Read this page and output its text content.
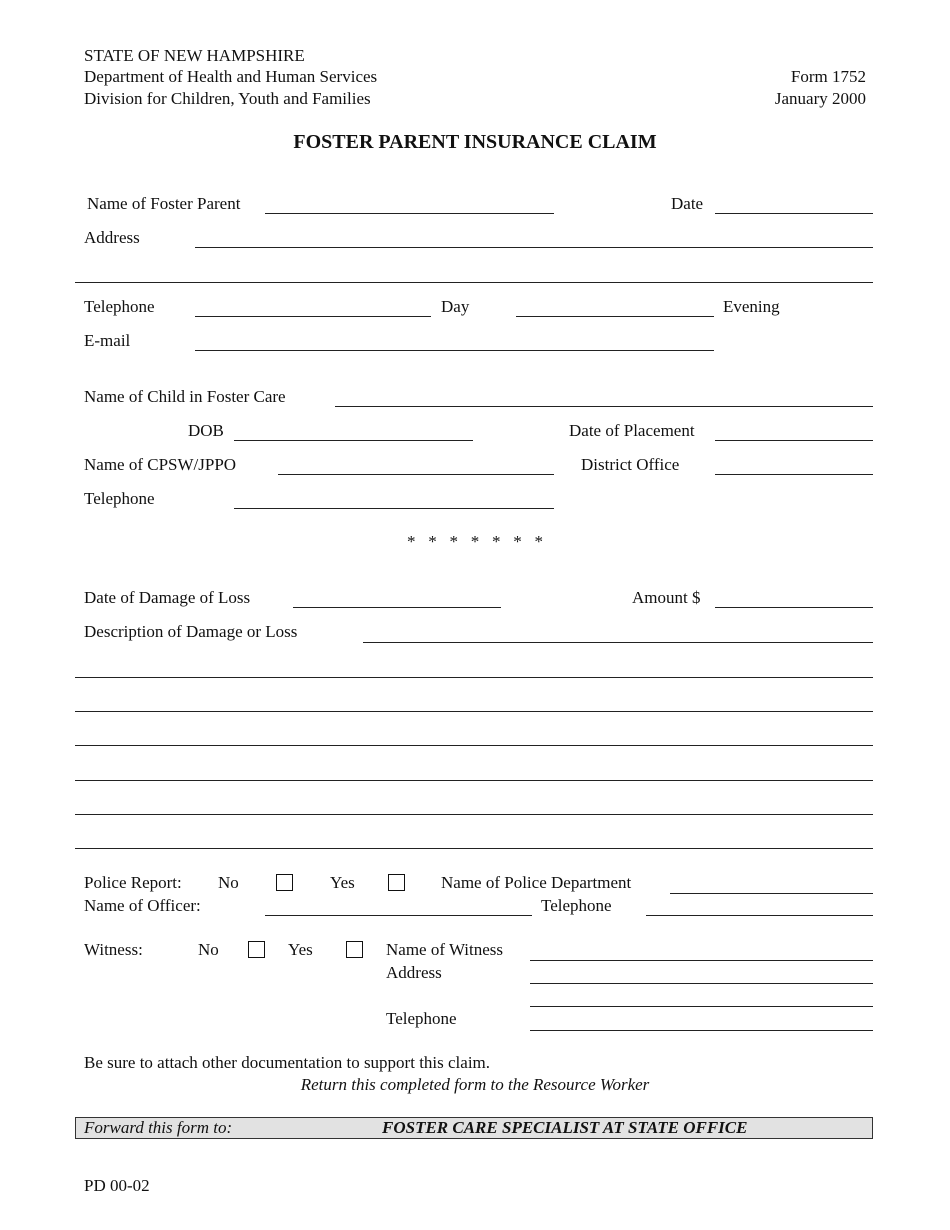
STATE OF NEW HAMPSHIRE
Department of Health and Human Services
Division for Children, Youth and Families
Form 1752
January 2000
FOSTER PARENT INSURANCE CLAIM
Name of Foster Parent	Date
Address
Telephone	Day	Evening
E-mail
Name of Child in Foster Care
DOB	Date of Placement
Name of CPSW/JPPO	District Office
Telephone
*   *   *   *   *   *   *
Date of Damage of Loss	Amount $
Description of Damage or Loss
Police Report: No	Yes	Name of Police Department
Name of Officer:	Telephone
Witness:	No	Yes	Name of Witness
Address
Telephone
Be sure to attach other documentation to support this claim.
Return this completed form to the Resource Worker
Forward this form to:	FOSTER CARE SPECIALIST AT STATE OFFICE
PD 00-02
